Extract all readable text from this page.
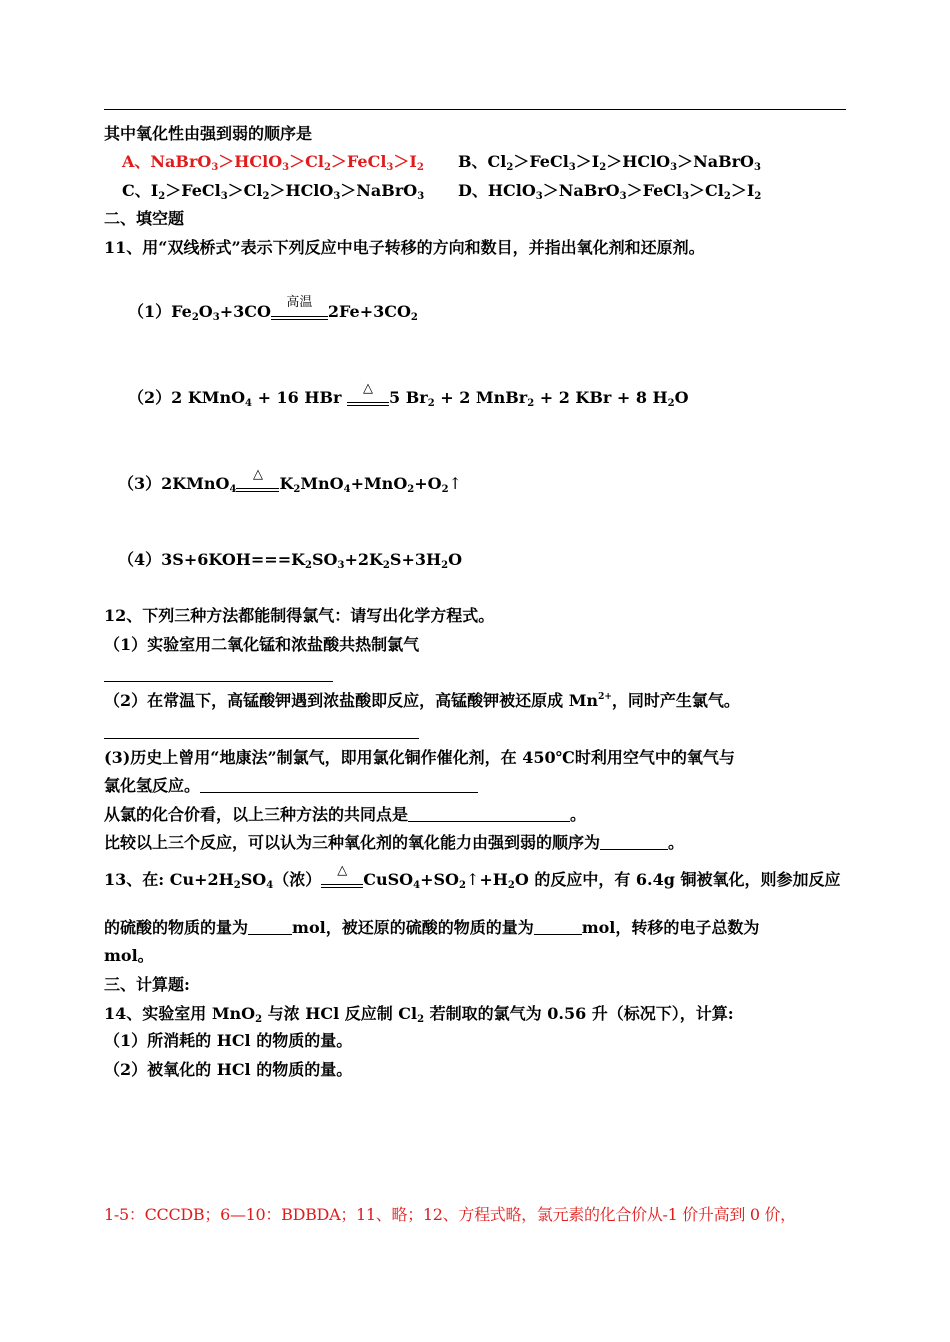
其中氧化性由强到弱的顺序是
A、$NaBrO_3>HClO_3>Cl_2>FeCl_3>I_2$ B、$Cl_2>FeCl_3>I_2>HClO_3>NaBrO_3$
C、$I_2>FeCl_3>Cl_2>HClO_3>NaBrO_3$ D、$HClO_3>NaBrO_3>FeCl_3>Cl_2>I_2$
二、填空题
11、用“双线桥式”表示下列反应中电子转移的方向和数目，并指出氧化剂和还原剂。
$(1)Fe_2O_3+3CO$	高温 $2Fe+3CO_2$
（2）2 KMnO$_4$ + 16 HBr	△	5 $Br_2 + 2$ MnBr$_2$ + 2 KBr + 8 $H_2O$
（3）2KMnO$_4$
△	$K_2MnO_4+MnO_2+O_2↑$
$(4)3S+6KOH===K_2SO_3+2K_2S+3H_2O$
12、下列三种方法都能制得氯气：请写出化学方程式。
（1）实验室用二氧化锰和浓盐酸共热制氯气
（2）在常温下，高锰酸钾遇到浓盐酸即反应，高锰酸钾被还原成 $Mn^{2+}$，同时产生氯气。
(3)历史上曾用“地康法”制氯气，即用氯化铜作催化剂，在 450℃时利用空气中的氧气与
氯化氢反应。
从氯的化合价看，以上三种方法的共同点是	。
比较以上三个反应，可以认为三种氧化剂的氧化能力由强到弱的顺序为	。
13、在: $Cu+2H_2SO_4$（浓）	△	$CuSO_4+SO_2↑+H_2O$ 的反应中，有 6.4g 铜被氧化，则参加反应
的硫酸的物质的量为	mol，被还原的硫酸的物质的量为	mol，转移的电子总数为
mol。
三、计算题:
14、实验室用 MnO$_2$ 与浓 HCl 反应制 $Cl_2$ 若制取的氯气为 0.56 升（标况下），计算:
（1）所消耗的 HCl 的物质的量。
（2）被氧化的 HCl 的物质的量。
1-5：CCCDB；6—10：BDBDA；11、略；12、方程式略，氯元素的化合价从-1 价升高到 0 价，
